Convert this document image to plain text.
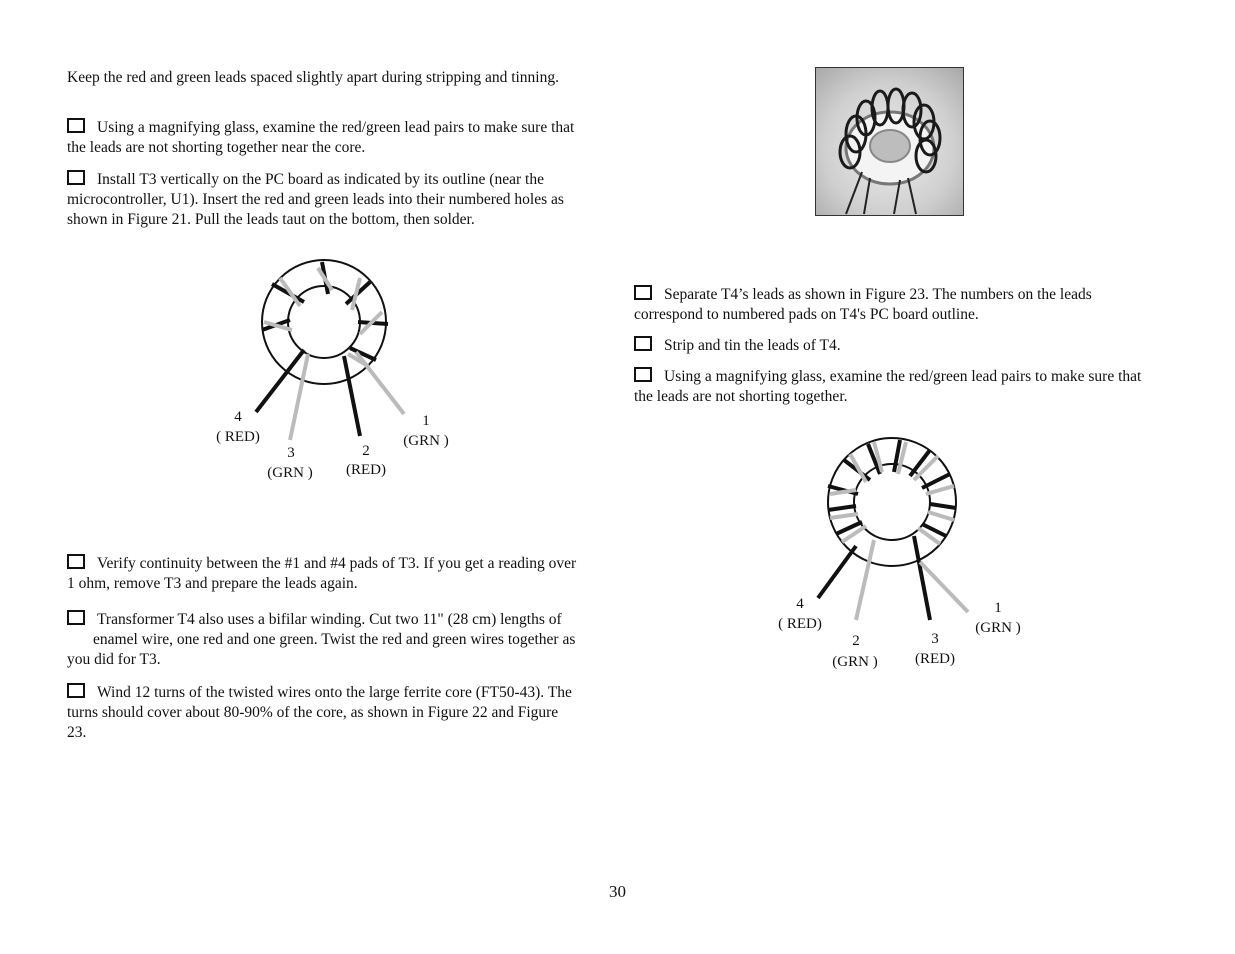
Keep the red and green leads spaced slightly apart during stripping and tinning.

Using a magnifying glass, examine the red/green lead pairs to make sure that the leads are not shorting together near the core.

Install T3 vertically on the PC board as indicated by its outline (near the microcontroller, U1). Insert the red and green leads into their numbered holes as shown in Figure 21. Pull the leads taut on the bottom, then solder.

4
( RED)
3
(GRN )
2
(RED)
1
(GRN )

Verify continuity between the #1 and #4 pads of T3. If you get a reading over 1 ohm, remove T3 and prepare the leads again.

Transformer T4 also uses a bifilar winding. Cut two 11" (28 cm) lengths of enamel wire, one red and one green. Twist the red and green wires together as you did for T3.

Wind 12 turns of the twisted wires onto the large ferrite core (FT50-43). The turns should cover about 80-90% of the core, as shown in Figure 22 and Figure 23.

Separate T4’s leads as shown in Figure 23. The numbers on the leads correspond to numbered pads on T4's PC board outline.

Strip and tin the leads of T4.

Using a magnifying glass, examine the red/green lead pairs to make sure that the leads are not shorting together.

4
( RED)
2
(GRN )
3
(RED)
1
(GRN )
30
